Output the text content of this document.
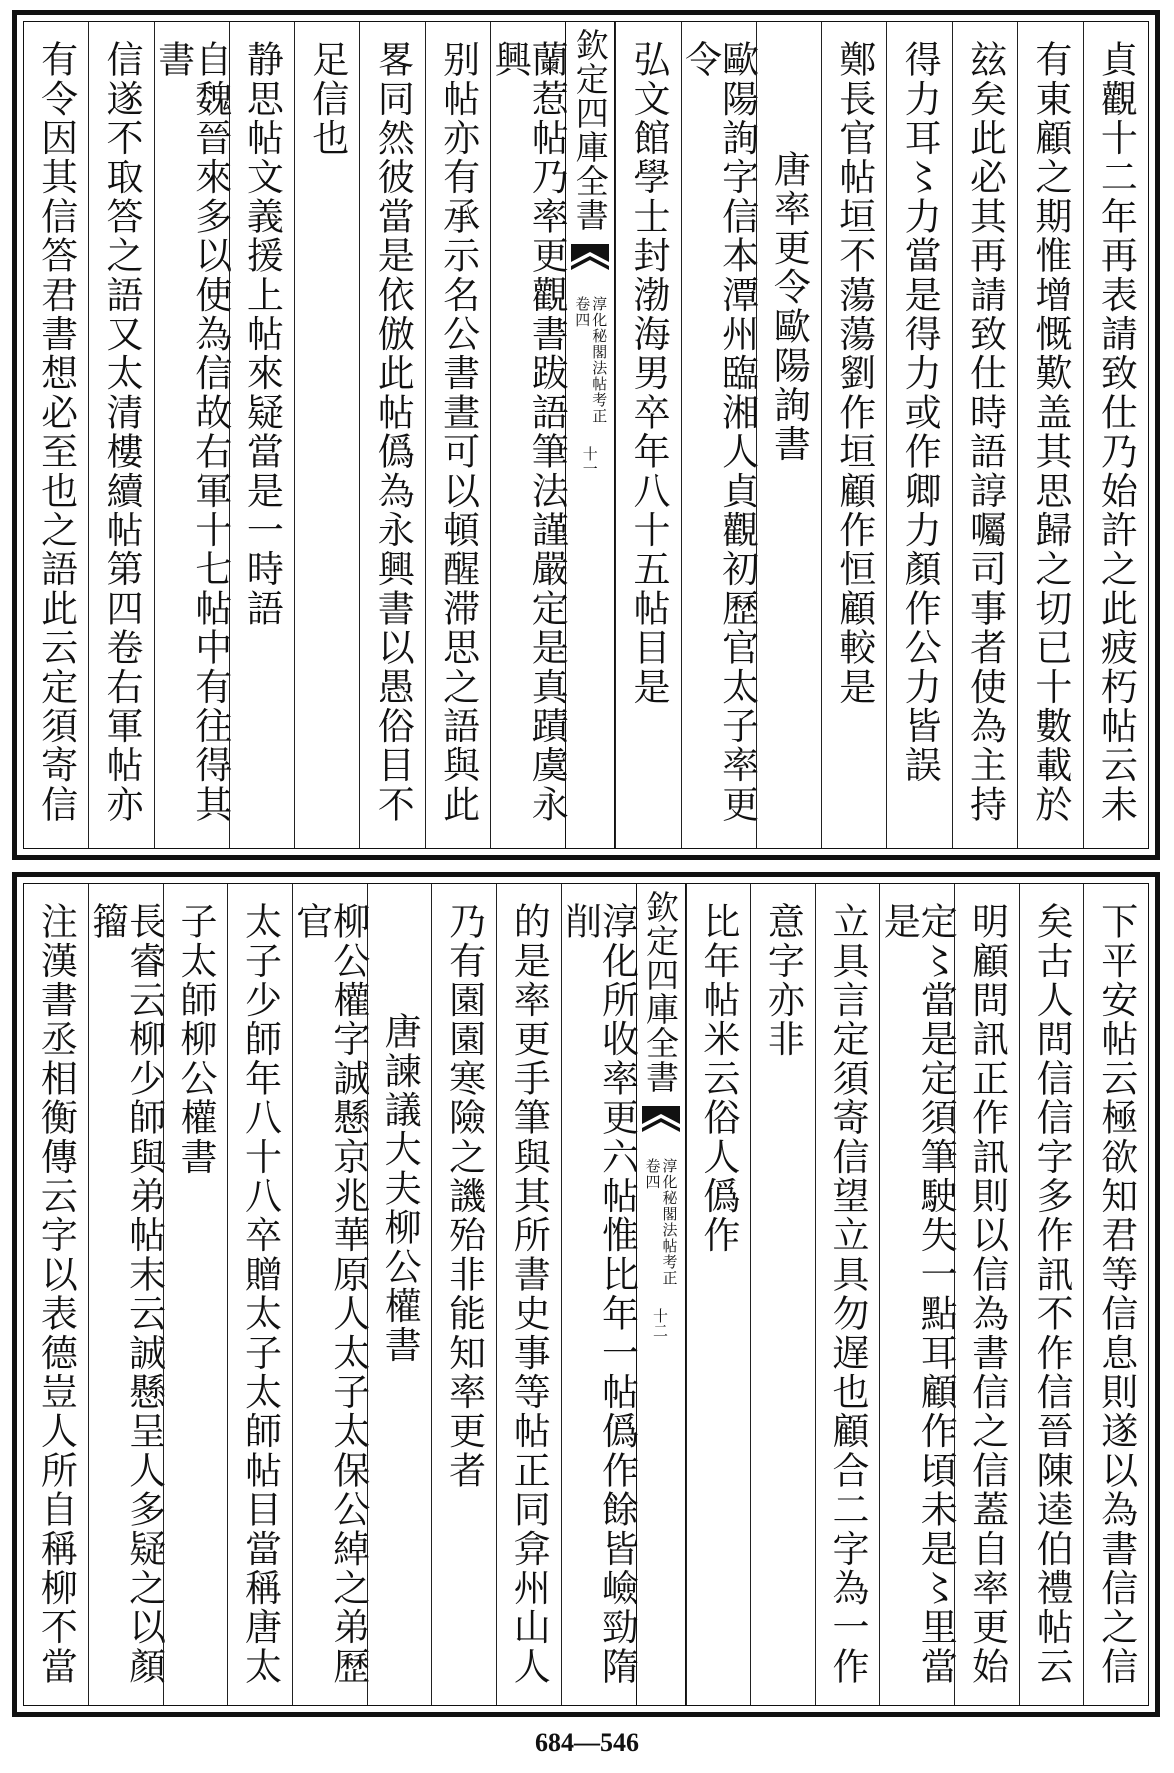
貞觀十二年再表請致仕乃始許之此疲朽帖云未
有東顧之期惟增慨歎盖其思歸之切已十數載於
玆矣此必其再請致仕時語諄囑司事者使為主持
得力耳〻力當是得力或作卿力顏作公力皆誤
鄭長官帖垣不蕩蕩劉作垣顧作恒顧較是
唐率更令歐陽詢書
歐陽詢字信本潭州臨湘人貞觀初歷官太子率更令
弘文館學士封渤海男卒年八十五帖目是
欽定四庫全書
淳化秘閣法帖考正
卷四
十一
蘭惹帖乃率更觀書跋語筆法謹嚴定是真蹟虞永興
别帖亦有承示名公書晝可以頓醒滞思之語與此
畧同然彼當是依倣此帖僞為永興書以愚俗目不
足信也
静思帖文義援上帖來疑當是一時語
自魏晉來多以使為信故右軍十七帖中有往得其書
信遂不取答之語又太清樓續帖第四卷右軍帖亦
有令因其信答君書想必至也之語此云定須寄信
下平安帖云極欲知君等信息則遂以為書信之信
矣古人問信信字多作訊不作信晉陳逵伯禮帖云
明顧問訊正作訊則以信為書信之信蓋自率更始
定〻當是定須筆駛失一點耳顧作頃未是〻里當是
立具言定須寄信望立具勿遅也顧合二字為一作
意字亦非
比年帖米云俗人僞作
欽定四庫全書
淳化秘閣法帖考正
卷四
十二
淳化所收率更六帖惟比年一帖僞作餘皆嶮勁隋削
的是率更手筆與其所書史事等帖正同弇州山人
乃有園園寒險之譏殆非能知率更者
唐諫議大夫柳公權書
柳公權字誠懸京兆華原人太子太保公綽之弟歷官
太子少師年八十八卒贈太子太師帖目當稱唐太
子太師柳公權書
長睿云柳少師與弟帖末云誠懸呈人多疑之以顏籀
注漢書丞相衡傳云字以表德豈人所自稱柳不當
684—546
